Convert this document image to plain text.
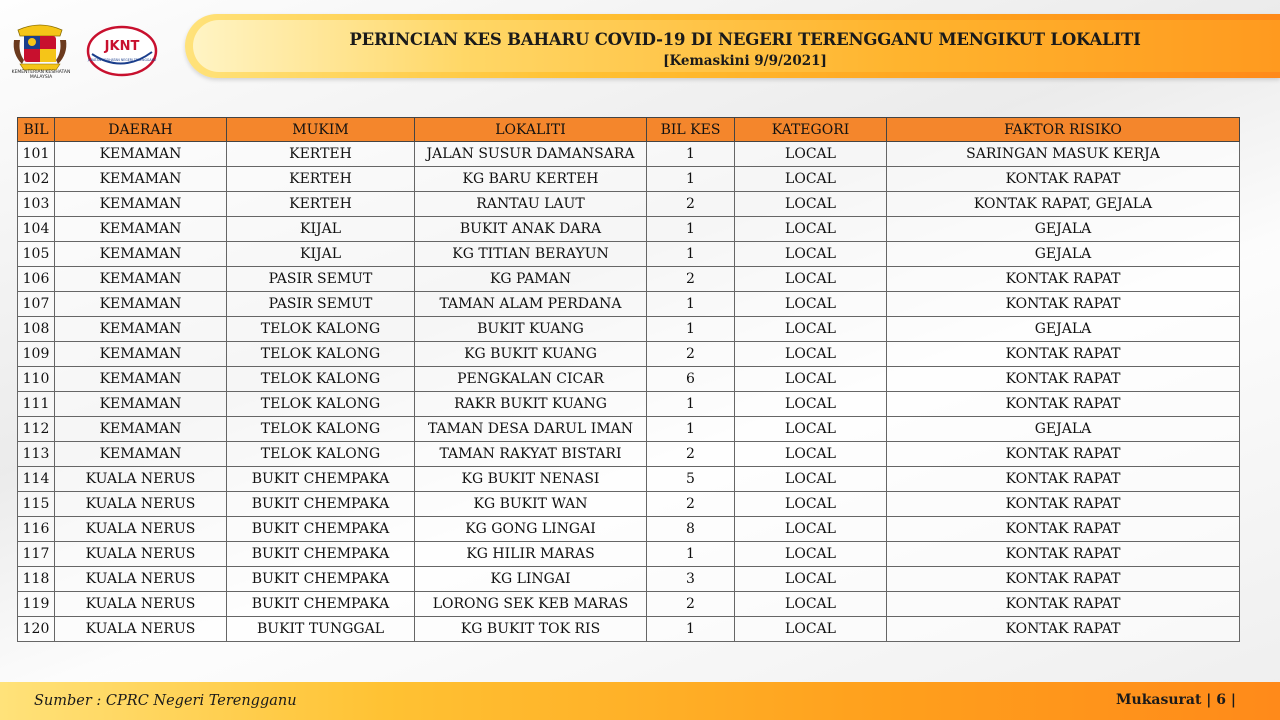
KEMENTERIAN KESIHATAN MALAYSIA
JKNT
JABATAN KESIHATAN NEGERI TERENGGANU
PERINCIAN KES BAHARU COVID-19 DI NEGERI TERENGGANU MENGIKUT LOKALITI
[Kemaskini 9/9/2021]
BIL	DAERAH	MUKIM	LOKALITI	BIL KES	KATEGORI	FAKTOR RISIKO
101	KEMAMAN	KERTEH	JALAN SUSUR DAMANSARA	1	LOCAL	SARINGAN MASUK KERJA
102	KEMAMAN	KERTEH	KG BARU KERTEH	1	LOCAL	KONTAK RAPAT
103	KEMAMAN	KERTEH	RANTAU LAUT	2	LOCAL	KONTAK RAPAT, GEJALA
104	KEMAMAN	KIJAL	BUKIT ANAK DARA	1	LOCAL	GEJALA
105	KEMAMAN	KIJAL	KG TITIAN BERAYUN	1	LOCAL	GEJALA
106	KEMAMAN	PASIR SEMUT	KG PAMAN	2	LOCAL	KONTAK RAPAT
107	KEMAMAN	PASIR SEMUT	TAMAN ALAM PERDANA	1	LOCAL	KONTAK RAPAT
108	KEMAMAN	TELOK KALONG	BUKIT KUANG	1	LOCAL	GEJALA
109	KEMAMAN	TELOK KALONG	KG BUKIT KUANG	2	LOCAL	KONTAK RAPAT
110	KEMAMAN	TELOK KALONG	PENGKALAN CICAR	6	LOCAL	KONTAK RAPAT
111	KEMAMAN	TELOK KALONG	RAKR BUKIT KUANG	1	LOCAL	KONTAK RAPAT
112	KEMAMAN	TELOK KALONG	TAMAN DESA DARUL IMAN	1	LOCAL	GEJALA
113	KEMAMAN	TELOK KALONG	TAMAN RAKYAT BISTARI	2	LOCAL	KONTAK RAPAT
114	KUALA NERUS	BUKIT CHEMPAKA	KG BUKIT NENASI	5	LOCAL	KONTAK RAPAT
115	KUALA NERUS	BUKIT CHEMPAKA	KG BUKIT WAN	2	LOCAL	KONTAK RAPAT
116	KUALA NERUS	BUKIT CHEMPAKA	KG GONG LINGAI	8	LOCAL	KONTAK RAPAT
117	KUALA NERUS	BUKIT CHEMPAKA	KG HILIR MARAS	1	LOCAL	KONTAK RAPAT
118	KUALA NERUS	BUKIT CHEMPAKA	KG LINGAI	3	LOCAL	KONTAK RAPAT
119	KUALA NERUS	BUKIT CHEMPAKA	LORONG SEK KEB MARAS	2	LOCAL	KONTAK RAPAT
120	KUALA NERUS	BUKIT TUNGGAL	KG BUKIT TOK RIS	1	LOCAL	KONTAK RAPAT
Sumber : CPRC Negeri Terengganu	Mukasurat | 6 |
